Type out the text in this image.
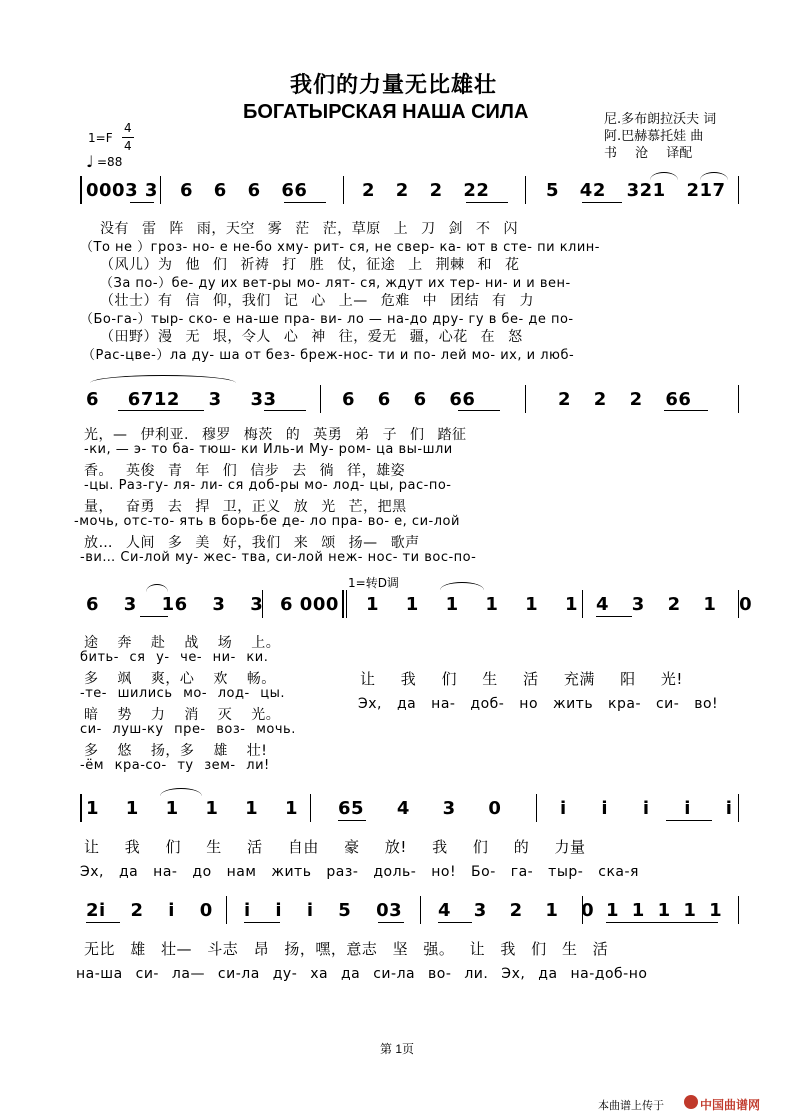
我们的力量无比雄壮
БОГАТЫРСКАЯ НАША СИЛА	尼.多布朗拉沃夫 词
阿.巴赫慕托娃 曲
书 沧 译配
1=F
4
4
♩ =88
0003 3 6 6 6 66	2 2 2 22	5 42 321 217
没有 雷 阵 雨，天空 雾 茫 茫，草原 上 刀 剑 不 闪
（То не ）гроз- но- е не-бо хму- рит- ся, не свер- ка- ют в сте- пи клин-
（风儿）为 他 们 祈祷 打 胜 仗，征途 上 荆棘 和 花
（За по-）бе- ду их вет-ры мо- лят- ся, ждут их тер- ни- и и вен-
（壮士）有 信 仰，我们 记 心 上— 危难 中 团结 有 力
（Бо-га-）тыр- ско- е на-ше пра- ви- ло — на-до дру- гу в бе- де по-
（田野）漫 无 垠，令人 心 神 往，爱无 疆，心花 在 怒
（Рас-цве-）ла ду- ша от без- бреж-нос- ти и по- лей мо- их, и люб-
6 6712 3 33	6 6 6 66	2 2 2 66
光，— 伊利亚. 穆罗 梅茨 的 英勇 弟 子 们 踏征
-ки, — э- то ба- тюш- ки Иль-и Му- ром- ца вы-шли
香。 英俊 青 年 们 信步 去 徜 徉，雄姿
-цы. Раз-гу- ля- ли- ся доб-ры мо- лод- цы, рас-по-
量， 奋勇 去 捍 卫，正义 放 光 芒，把黑
-мочь, отс-то- ять в борь-бе де- ло пра- во- е, си-лой
放… 人间 多 美 好，我们 来 颂 扬— 歌声
-ви… Си-лой му- жес- тва, си-лой неж- нос- ти вос-по-
1=转D调
6 3 16 3 3 6 000 1 1 1 1 1 1 4 3 2 1 0
途 奔 赴 战 场 上。
бить- ся у- че- ни- ки.
多 飒 爽，心 欢 畅。
-те- шились мо- лод- цы.
暗 势 力 消 灭 光。
си- луш-ку пре- воз- мочь.
多 悠 扬，多 雄 壮!
-ём кра-со- ту зем- ли!
让 我 们 生 活 充满 阳 光!
Эх, да на- доб- но жить кра- си- во!
1 1 1 1 1 1 65 4 3 0	i i i i i
让 我 们 生 活 自由 豪 放! 我 们 的 力量
Эх, да на- до нам жить раз- доль- но! Бо- га- тыр- ска-я
2i 2 i 0 i i i 5 03 4 3 2 1 0 1 1 1 1 1
无比 雄 壮— 斗志 昂 扬，嘿，意志 坚 强。 让 我 们 生 活
на-ша си- ла— си-ла ду- ха да си-ла во- ли. Эх, да на-доб-но
第 1页
本曲谱上传于	中国曲谱网
